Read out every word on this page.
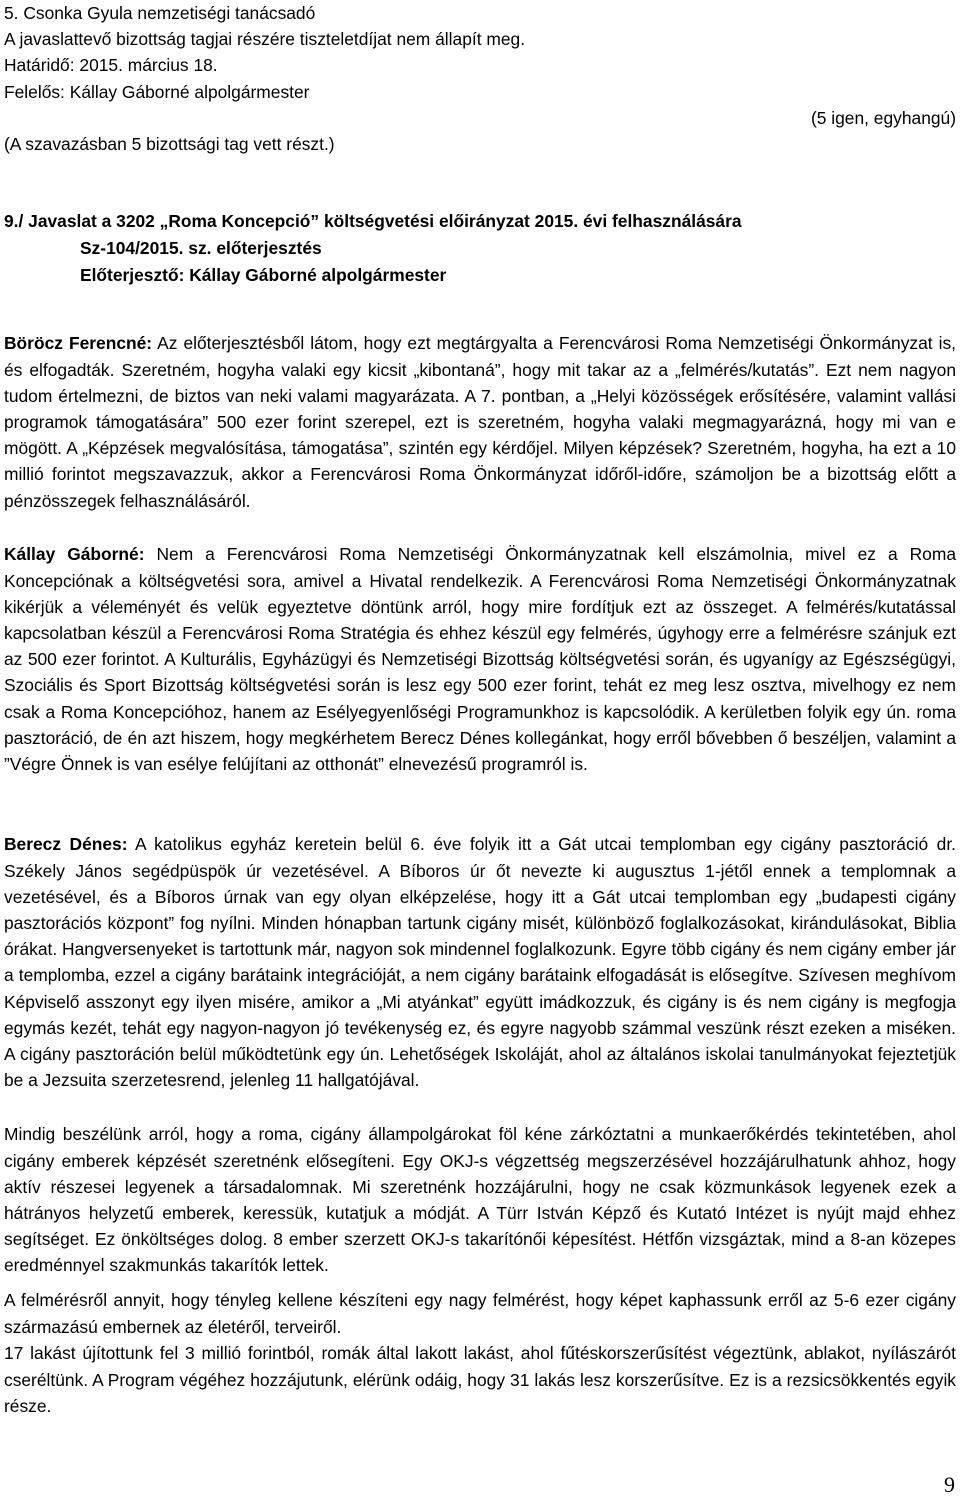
5. Csonka Gyula nemzetiségi tanácsadó

A javaslattevő bizottság tagjai részére tiszteletdíjat nem állapít meg.

Határidő: 2015. március 18.

Felelős: Kállay Gáborné alpolgármester

(5 igen, egyhangú)
(A szavazásban 5 bizottsági tag vett részt.)

9./ Javaslat a 3202 „Roma Koncepció” költségvetési előirányzat 2015. évi felhasználására

Sz-104/2015. sz. előterjesztés

Előterjesztő: Kállay Gáborné alpolgármester

Böröcz Ferencné: Az előterjesztésből látom, hogy ezt megtárgyalta a Ferencvárosi Roma Nemzetiségi Önkormányzat is, és elfogadták. Szeretném, hogyha valaki egy kicsit „kibontaná”, hogy mit takar az a „felmérés/kutatás”. Ezt nem nagyon tudom értelmezni, de biztos van neki valami magyarázata. A 7. pontban, a „Helyi közösségek erősítésére, valamint vallási programok támogatására” 500 ezer forint szerepel, ezt is szeretném, hogyha valaki megmagyarázná, hogy mi van e mögött. A „Képzések megvalósítása, támogatása”, szintén egy kérdőjel. Milyen képzések? Szeretném, hogyha, ha ezt a 10 millió forintot megszavazzuk, akkor a Ferencvárosi Roma Önkormányzat időről-időre, számoljon be a bizottság előtt a pénzösszegek felhasználásáról.

Kállay Gáborné: Nem a Ferencvárosi Roma Nemzetiségi Önkormányzatnak kell elszámolnia, mivel ez a Roma Koncepciónak a költségvetési sora, amivel a Hivatal rendelkezik. A Ferencvárosi Roma Nemzetiségi Önkormányzatnak kikérjük a véleményét és velük egyeztetve döntünk arról, hogy mire fordítjuk ezt az összeget. A felmérés/kutatással kapcsolatban készül a Ferencvárosi Roma Stratégia és ehhez készül egy felmérés, úgyhogy erre a felmérésre szánjuk ezt az 500 ezer forintot. A Kulturális, Egyházügyi és Nemzetiségi Bizottság költségvetési során, és ugyanígy az Egészségügyi, Szociális és Sport Bizottság költségvetési során is lesz egy 500 ezer forint, tehát ez meg lesz osztva, mivelhogy ez nem csak a Roma Koncepcióhoz, hanem az Esélyegyenlőségi Programunkhoz is kapcsolódik. A kerületben folyik egy ún. roma pasztoráció, de én azt hiszem, hogy megkérhetem Berecz Dénes kollegánkat, hogy erről bővebben ő beszéljen, valamint a ”Végre Önnek is van esélye felújítani az otthonát” elnevezésű programról is.

Berecz Dénes: A katolikus egyház keretein belül 6. éve folyik itt a Gát utcai templomban egy cigány pasztoráció dr. Székely János segédpüspök úr vezetésével. A Bíboros úr őt nevezte ki augusztus 1-jétől ennek a templomnak a vezetésével, és a Bíboros úrnak van egy olyan elképzelése, hogy itt a Gát utcai templomban egy „budapesti cigány pasztorációs központ” fog nyílni. Minden hónapban tartunk cigány misét, különböző foglalkozásokat, kirándulásokat, Biblia órákat. Hangversenyeket is tartottunk már, nagyon sok mindennel foglalkozunk. Egyre több cigány és nem cigány ember jár a templomba, ezzel a cigány barátaink integrációját, a nem cigány barátaink elfogadását is elősegítve. Szívesen meghívom Képviselő asszonyt egy ilyen misére, amikor a „Mi atyánkat” együtt imádkozzuk, és cigány is és nem cigány is megfogja egymás kezét, tehát egy nagyon-nagyon jó tevékenység ez, és egyre nagyobb számmal veszünk részt ezeken a miséken. A cigány pasztoráción belül működtetünk egy ún. Lehetőségek Iskoláját, ahol az általános iskolai tanulmányokat fejeztetjük be a Jezsuita szerzetesrend, jelenleg 11 hallgatójával.

Mindig beszélünk arról, hogy a roma, cigány állampolgárokat föl kéne zárkóztatni a munkaerőkérdés tekintetében, ahol cigány emberek képzését szeretnénk elősegíteni. Egy OKJ-s végzettség megszerzésével hozzájárulhatunk ahhoz, hogy aktív részesei legyenek a társadalomnak. Mi szeretnénk hozzájárulni, hogy ne csak közmunkások legyenek ezek a hátrányos helyzetű emberek, keressük, kutatjuk a módját. A Türr István Képző és Kutató Intézet is nyújt majd ehhez segítséget. Ez önköltséges dolog. 8 ember szerzett OKJ-s takarítónői képesítést. Hétfőn vizsgáztak, mind a 8-an közepes eredménnyel szakmunkás takarítók lettek.

A felmérésről annyit, hogy tényleg kellene készíteni egy nagy felmérést, hogy képet kaphassunk erről az 5-6 ezer cigány származású embernek az életéről, terveiről.

17 lakást újítottunk fel 3 millió forintból, romák által lakott lakást, ahol fűtéskorszerűsítést végeztünk, ablakot, nyílászárót cseréltünk. A Program végéhez hozzájutunk, elérünk odáig, hogy 31 lakás lesz korszerűsítve. Ez is a rezsicsökkentés egyik része.

9
